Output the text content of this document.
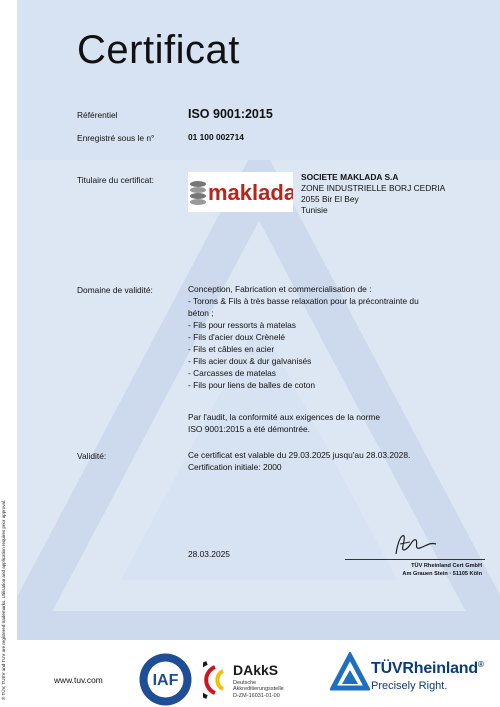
Certificat
Référentiel	ISO 9001:2015
Enregistré sous le n°	01 100 002714
Titulaire du certificat: maklada
SOCIETE MAKLADA S.A
ZONE INDUSTRIELLE BORJ CEDRIA
2055 Bir El Bey
Tunisie
Domaine de validité:	Conception, Fabrication et commercialisation de :
- Torons & Fils à très basse relaxation pour la précontrainte du
béton ;
- Fils pour ressorts à matelas
- Fils d'acier doux Crènelé
- Fils et câbles en acier
- Fils acier doux & dur galvanisés
- Carcasses de matelas
- Fils pour liens de balles de coton
Par l'audit, la conformité aux exigences de la norme
ISO 9001:2015 a été démontrée.
Validité:	Ce certificat est valable du 29.03.2025 jusqu'au 28.03.2028.
Certification initiale: 2000
28.03.2025
TÜV Rheinland Cert GmbH
Am Grauen Stein · 51105 Köln
® TÜV, TUEV and TUV are registered trademarks. Utilisation and application requires prior approval.	www.tuv.com	IAF
DAkkS
Deutsche
Akkreditierungsstelle
D-ZM-16031-01-00
TÜVRheinland®
Precisely Right.
